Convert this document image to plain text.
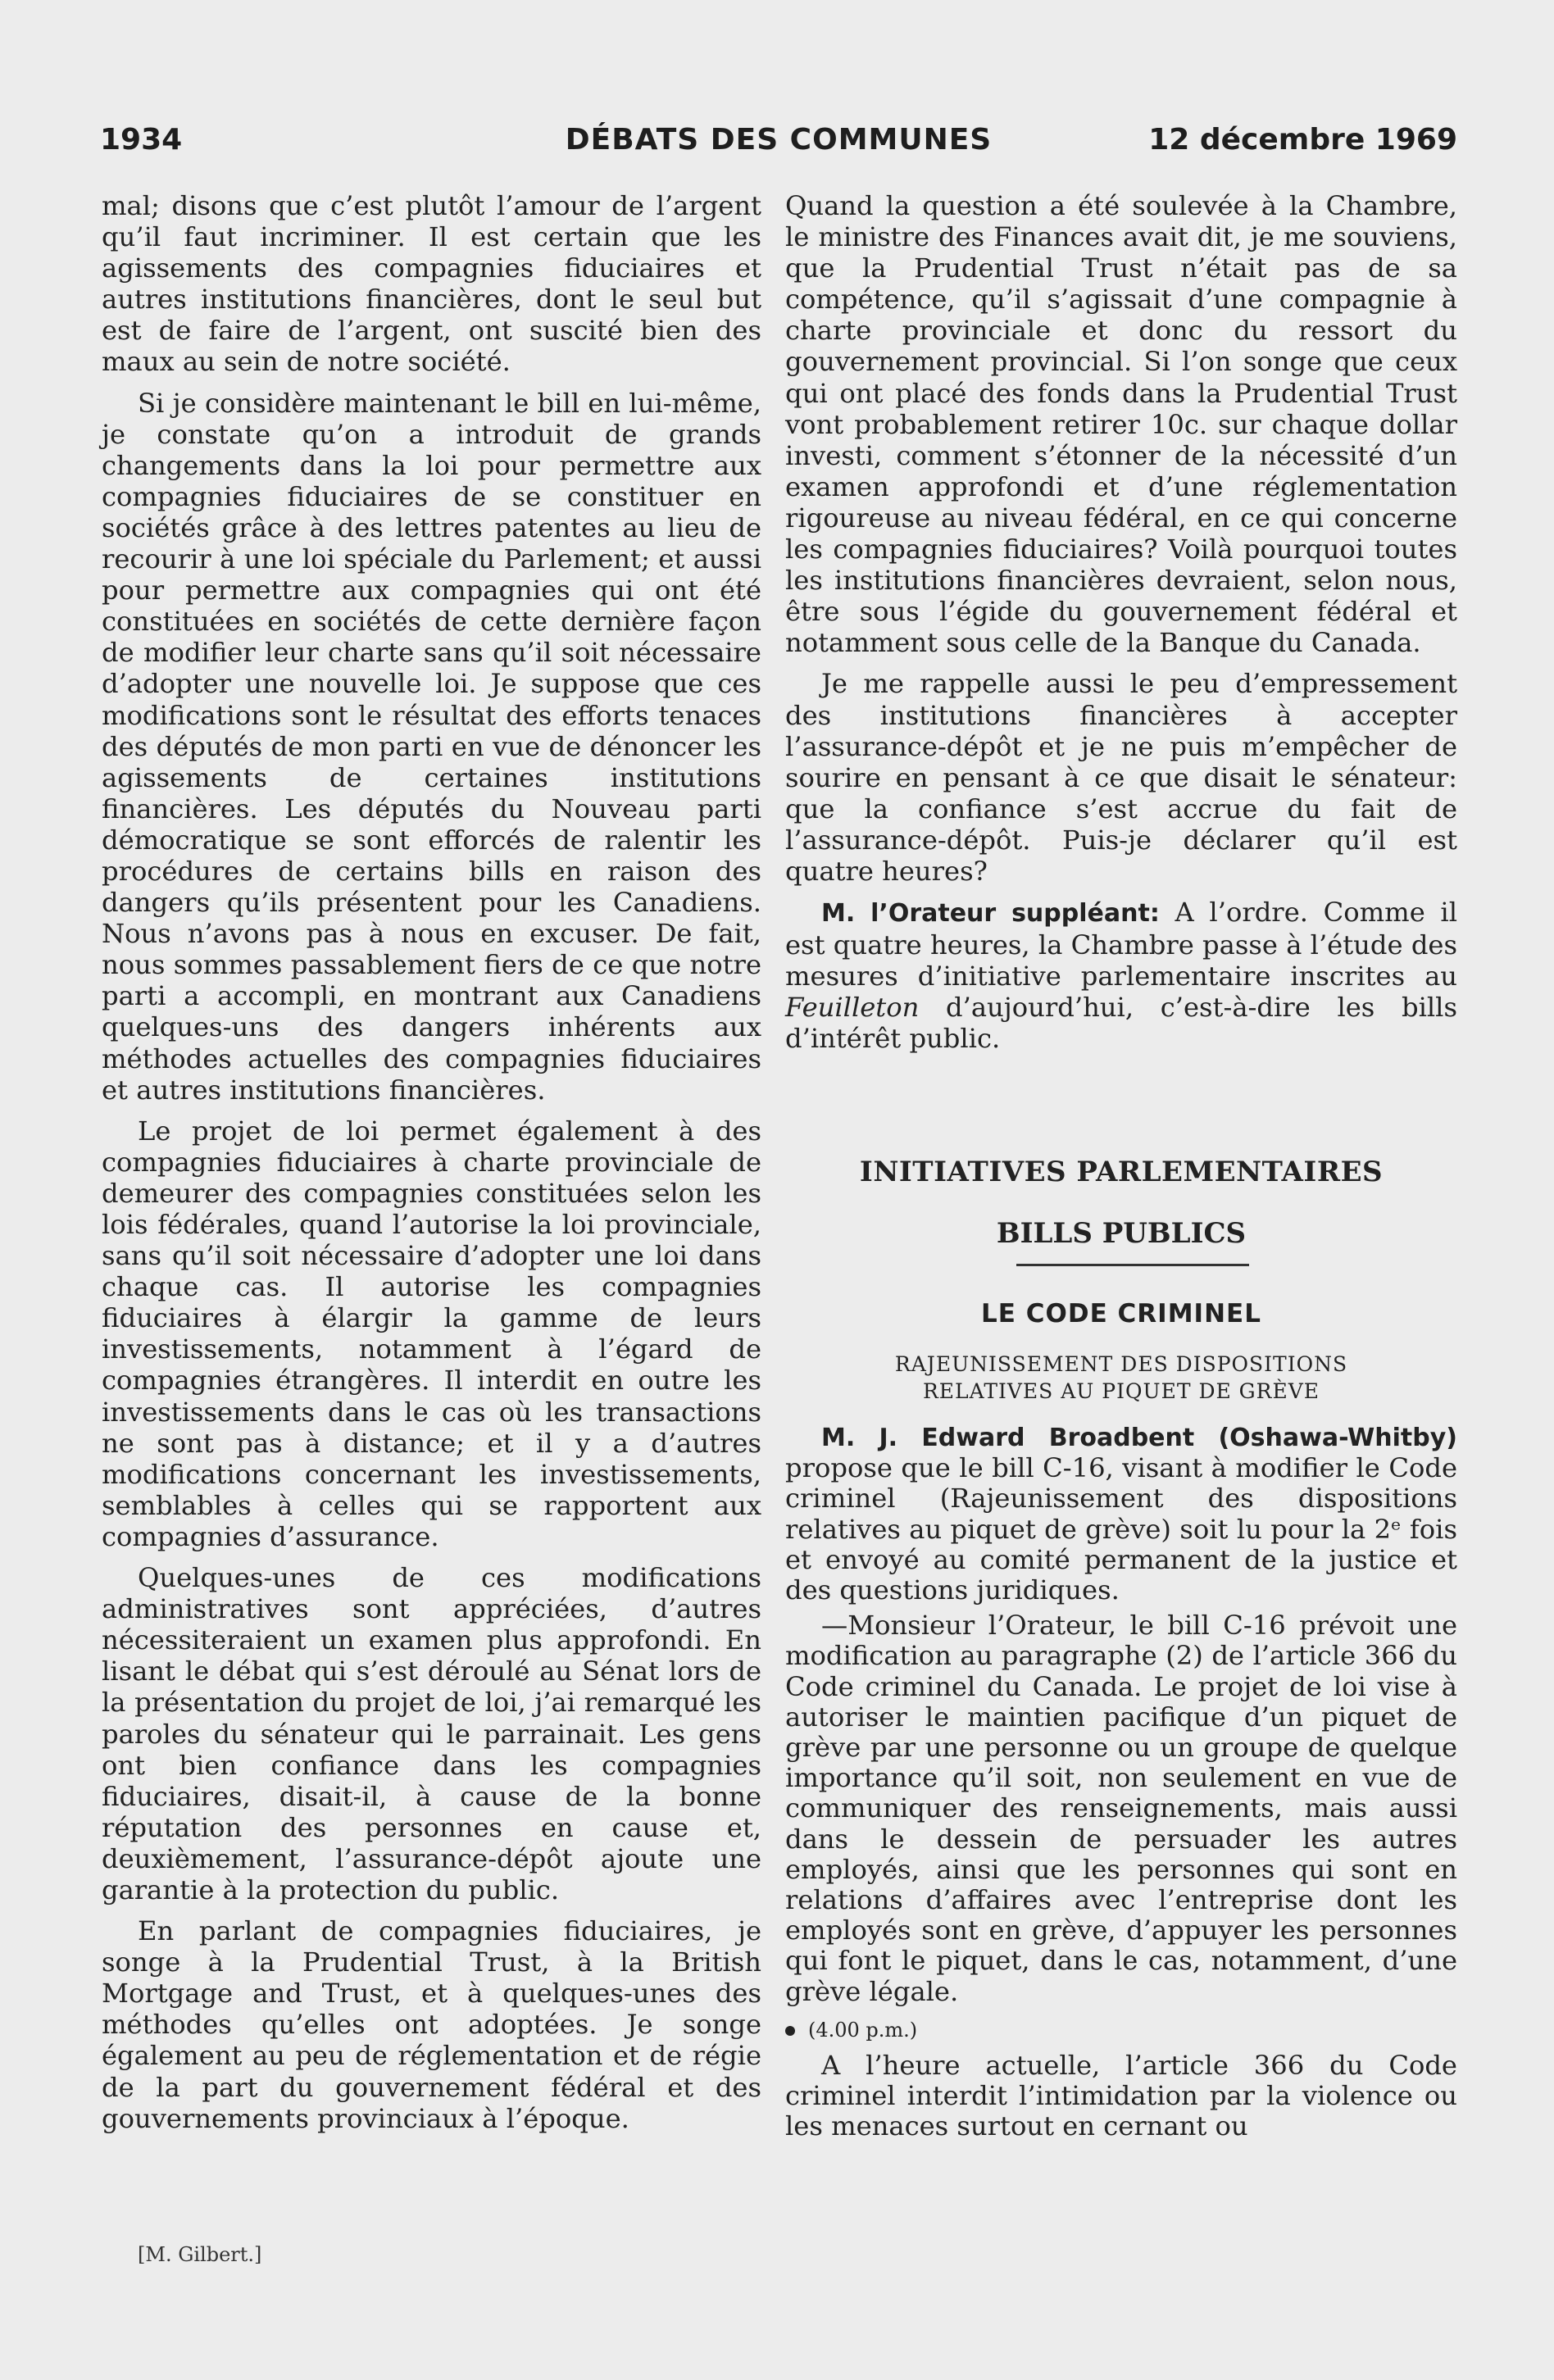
1934	DÉBATS DES COMMUNES	12 décembre 1969

mal; disons que c’est plutôt l’amour de l’argent qu’il faut incriminer. Il est certain que les agissements des compagnies fiduciaires et autres institutions financières, dont le seul but est de faire de l’argent, ont suscité bien des maux au sein de notre société.

Si je considère maintenant le bill en lui-même, je constate qu’on a introduit de grands changements dans la loi pour permettre aux compagnies fiduciaires de se constituer en sociétés grâce à des lettres patentes au lieu de recourir à une loi spéciale du Parlement; et aussi pour permettre aux compagnies qui ont été constituées en sociétés de cette dernière façon de modifier leur charte sans qu’il soit nécessaire d’adopter une nouvelle loi. Je suppose que ces modifications sont le résultat des efforts tenaces des députés de mon parti en vue de dénoncer les agissements de certaines institutions financières. Les députés du Nouveau parti démocratique se sont efforcés de ralentir les procédures de certains bills en raison des dangers qu’ils présentent pour les Canadiens. Nous n’avons pas à nous en excuser. De fait, nous sommes passablement fiers de ce que notre parti a accompli, en montrant aux Canadiens quelques-uns des dangers inhérents aux méthodes actuelles des compagnies fiduciaires et autres institutions financières.

Le projet de loi permet également à des compagnies fiduciaires à charte provinciale de demeurer des compagnies constituées selon les lois fédérales, quand l’autorise la loi provinciale, sans qu’il soit nécessaire d’adopter une loi dans chaque cas. Il autorise les compagnies fiduciaires à élargir la gamme de leurs investissements, notamment à l’égard de compagnies étrangères. Il interdit en outre les investissements dans le cas où les transactions ne sont pas à distance; et il y a d’autres modifications concernant les investissements, semblables à celles qui se rapportent aux compagnies d’assurance.

Quelques-unes de ces modifications administratives sont appréciées, d’autres nécessiteraient un examen plus approfondi. En lisant le débat qui s’est déroulé au Sénat lors de la présentation du projet de loi, j’ai remarqué les paroles du sénateur qui le parrainait. Les gens ont bien confiance dans les compagnies fiduciaires, disait-il, à cause de la bonne réputation des personnes en cause et, deuxièmement, l’assurance-dépôt ajoute une garantie à la protection du public.

En parlant de compagnies fiduciaires, je songe à la Prudential Trust, à la British Mortgage and Trust, et à quelques-unes des méthodes qu’elles ont adoptées. Je songe également au peu de réglementation et de régie de la part du gouvernement fédéral et des gouvernements provinciaux à l’époque.

[M. Gilbert.]

Quand la question a été soulevée à la Chambre, le ministre des Finances avait dit, je me souviens, que la Prudential Trust n’était pas de sa compétence, qu’il s’agissait d’une compagnie à charte provinciale et donc du ressort du gouvernement provincial. Si l’on songe que ceux qui ont placé des fonds dans la Prudential Trust vont probablement retirer 10c. sur chaque dollar investi, comment s’étonner de la nécessité d’un examen approfondi et d’une réglementation rigoureuse au niveau fédéral, en ce qui concerne les compagnies fiduciaires? Voilà pourquoi toutes les institutions financières devraient, selon nous, être sous l’égide du gouvernement fédéral et notamment sous celle de la Banque du Canada.

Je me rappelle aussi le peu d’empressement des institutions financières à accepter l’assurance-dépôt et je ne puis m’empêcher de sourire en pensant à ce que disait le sénateur: que la confiance s’est accrue du fait de l’assurance-dépôt. Puis-je déclarer qu’il est quatre heures?

M. l’Orateur suppléant: A l’ordre. Comme il est quatre heures, la Chambre passe à l’étude des mesures d’initiative parlementaire inscrites au Feuilleton d’aujourd’hui, c’est-à-dire les bills d’intérêt public.

INITIATIVES PARLEMENTAIRES
BILLS PUBLICS
LE CODE CRIMINEL
RAJEUNISSEMENT DES DISPOSITIONS
RELATIVES AU PIQUET DE GRÈVE

M. J. Edward Broadbent (Oshawa-Whitby) propose que le bill C-16, visant à modifier le Code criminel (Rajeunissement des dispositions relatives au piquet de grève) soit lu pour la 2ᵉ fois et envoyé au comité permanent de la justice et des questions juridiques.

—Monsieur l’Orateur, le bill C-16 prévoit une modification au paragraphe (2) de l’article 366 du Code criminel du Canada. Le projet de loi vise à autoriser le maintien pacifique d’un piquet de grève par une personne ou un groupe de quelque importance qu’il soit, non seulement en vue de communiquer des renseignements, mais aussi dans le dessein de persuader les autres employés, ainsi que les personnes qui sont en relations d’affaires avec l’entreprise dont les employés sont en grève, d’appuyer les personnes qui font le piquet, dans le cas, notamment, d’une grève légale.

(4.00 p.m.)

A l’heure actuelle, l’article 366 du Code criminel interdit l’intimidation par la violence ou les menaces surtout en cernant ou
